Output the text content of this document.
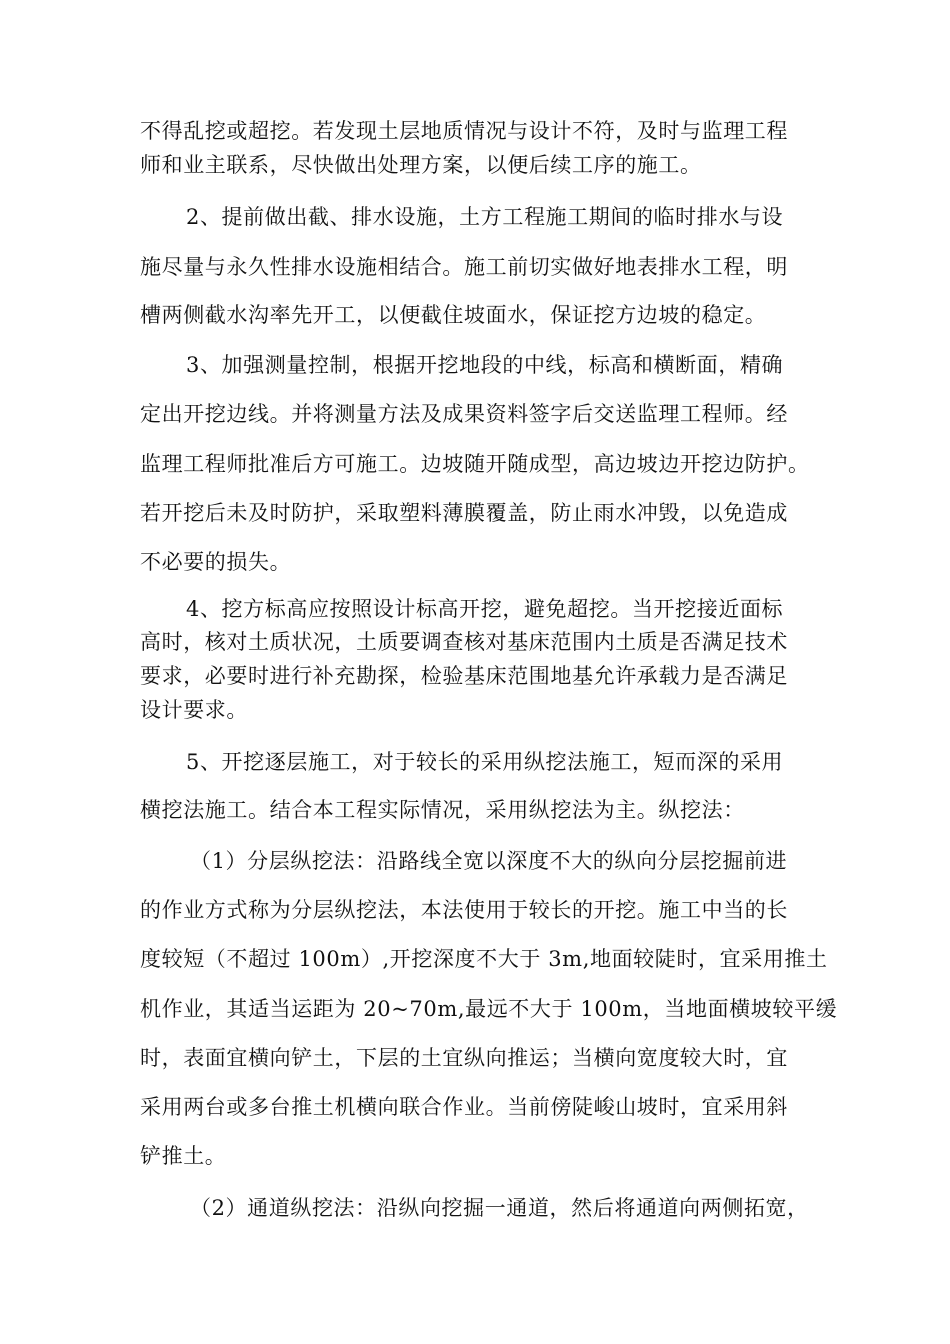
不得乱挖或超挖。若发现土层地质情况与设计不符，及时与监理工程
师和业主联系，尽快做出处理方案，以便后续工序的施工。
2、提前做出截、排水设施，土方工程施工期间的临时排水与设
施尽量与永久性排水设施相结合。施工前切实做好地表排水工程，明
槽两侧截水沟率先开工，以便截住坡面水，保证挖方边坡的稳定。
3、加强测量控制，根据开挖地段的中线，标高和横断面，精确
定出开挖边线。并将测量方法及成果资料签字后交送监理工程师。经
监理工程师批准后方可施工。边坡随开随成型，高边坡边开挖边防护。
若开挖后未及时防护，采取塑料薄膜覆盖，防止雨水冲毁，以免造成
不必要的损失。
4、挖方标高应按照设计标高开挖，避免超挖。当开挖接近面标
高时，核对土质状况，土质要调查核对基床范围内土质是否满足技术
要求，必要时进行补充勘探，检验基床范围地基允许承载力是否满足
设计要求。
5、开挖逐层施工，对于较长的采用纵挖法施工，短而深的采用
横挖法施工。结合本工程实际情况，采用纵挖法为主。纵挖法：
（1）分层纵挖法：沿路线全宽以深度不大的纵向分层挖掘前进
的作业方式称为分层纵挖法，本法使用于较长的开挖。施工中当的长
度较短（不超过 100m）,开挖深度不大于 3m,地面较陡时，宜采用推土
机作业，其适当运距为 20~70m,最远不大于 100m，当地面横坡较平缓
时，表面宜横向铲土，下层的土宜纵向推运；当横向宽度较大时，宜
采用两台或多台推土机横向联合作业。当前傍陡峻山坡时，宜采用斜
铲推土。
（2）通道纵挖法：沿纵向挖掘一通道，然后将通道向两侧拓宽，
